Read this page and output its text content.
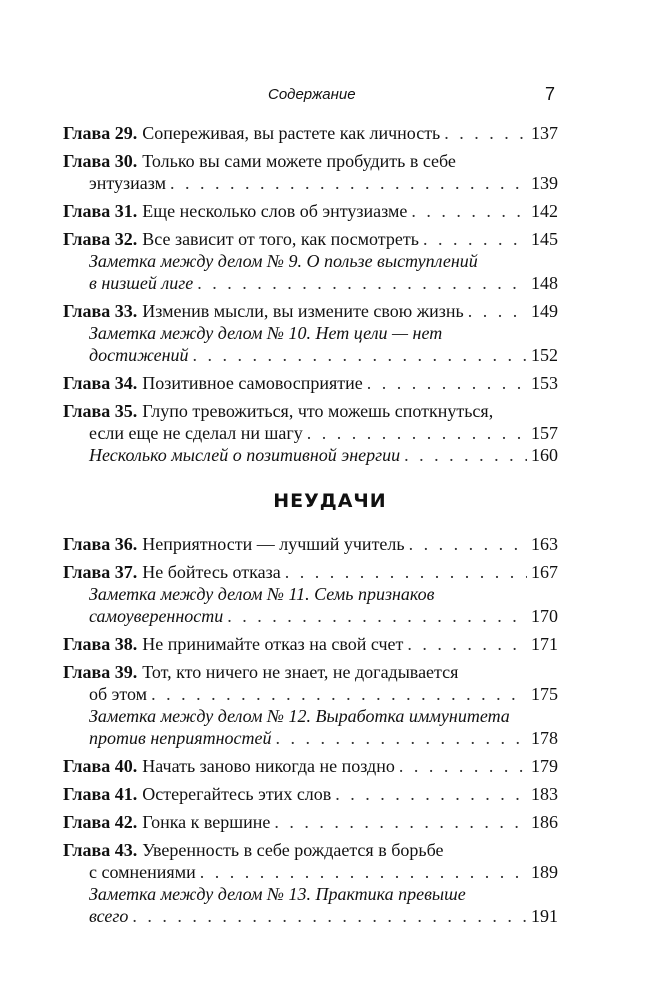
Содержание	7
Глава 29. Сопереживая, вы растете как личность . . .	137
Глава 30. Только вы сами можете пробудить в себе
энтузиазм . . .	139
Глава 31. Еще несколько слов об энтузиазме . . .	142
Глава 32. Все зависит от того, как посмотреть . . .	145
Заметка между делом № 9. О пользе выступлений
в низшей лиге . . .	148
Глава 33. Изменив мысли, вы измените свою жизнь . . .	149
Заметка между делом № 10. Нет цели — нет
достижений . . .	152
Глава 34. Позитивное самовосприятие . . .	153
Глава 35. Глупо тревожиться, что можешь споткнуться,
если еще не сделал ни шагу . . .	157
Несколько мыслей о позитивной энергии . . .	160
НЕУДАЧИ
Глава 36. Неприятности — лучший учитель . . .	163
Глава 37. Не бойтесь отказа . . .	167
Заметка между делом № 11. Семь признаков
самоуверенности . . .	170
Глава 38. Не принимайте отказ на свой счет . . .	171
Глава 39. Тот, кто ничего не знает, не догадывается
об этом . . .	175
Заметка между делом № 12. Выработка иммунитета
против неприятностей . . .	178
Глава 40. Начать заново никогда не поздно . . .	179
Глава 41. Остерегайтесь этих слов . . .	183
Глава 42. Гонка к вершине . . .	186
Глава 43. Уверенность в себе рождается в борьбе
с сомнениями . . .	189
Заметка между делом № 13. Практика превыше
всего . . .	191
